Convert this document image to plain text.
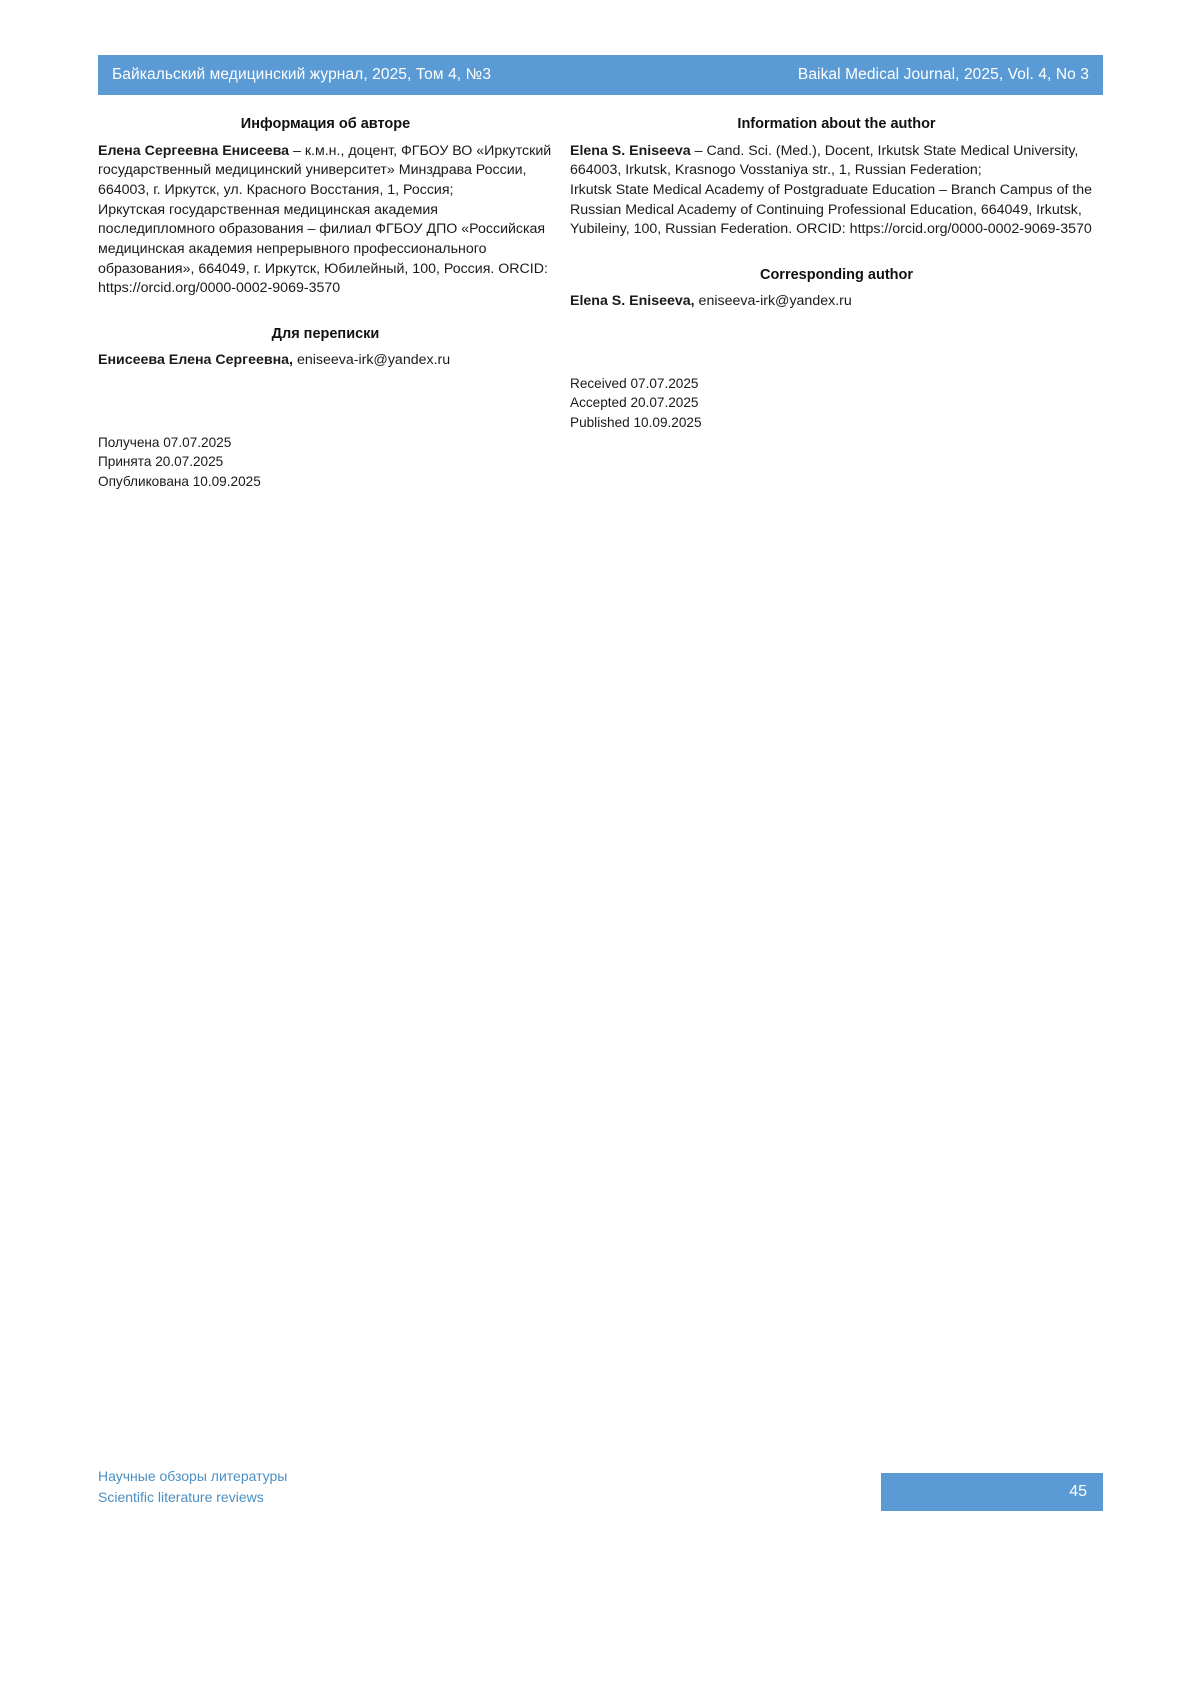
Байкальский медицинский журнал, 2025, Том 4, №3	Baikal Medical Journal, 2025, Vol. 4, No 3
Информация об авторе

Елена Сергеевна Енисеева – к.м.н., доцент, ФГБОУ ВО «Иркутский государственный медицинский университет» Минздрава России, 664003, г. Иркутск, ул. Красного Восстания, 1, Россия;

Иркутская государственная медицинская академия последипломного образования – филиал ФГБОУ ДПО «Российская медицинская академия непрерывного профессионального образования», 664049, г. Иркутск, Юбилейный, 100, Россия. ORCID: https://orcid.org/0000-0002-9069-3570

Для переписки

Енисеева Елена Сергеевна, eniseeva-irk@yandex.ru

Получена 07.07.2025
Принята 20.07.2025
Опубликована 10.09.2025
Information about the author

Elena S. Eniseeva – Cand. Sci. (Med.), Docent, Irkutsk State Medical University, 664003, Irkutsk, Krasnogo Vosstaniya str., 1, Russian Federation;

Irkutsk State Medical Academy of Postgraduate Education – Branch Campus of the Russian Medical Academy of Continuing Professional Education, 664049, Irkutsk, Yubileiny, 100, Russian Federation. ORCID: https://orcid.org/0000-0002-9069-3570

Corresponding author

Elena S. Eniseeva, eniseeva-irk@yandex.ru

Received 07.07.2025
Accepted 20.07.2025
Published 10.09.2025
Научные обзоры литературы
Scientific literature reviews	45
